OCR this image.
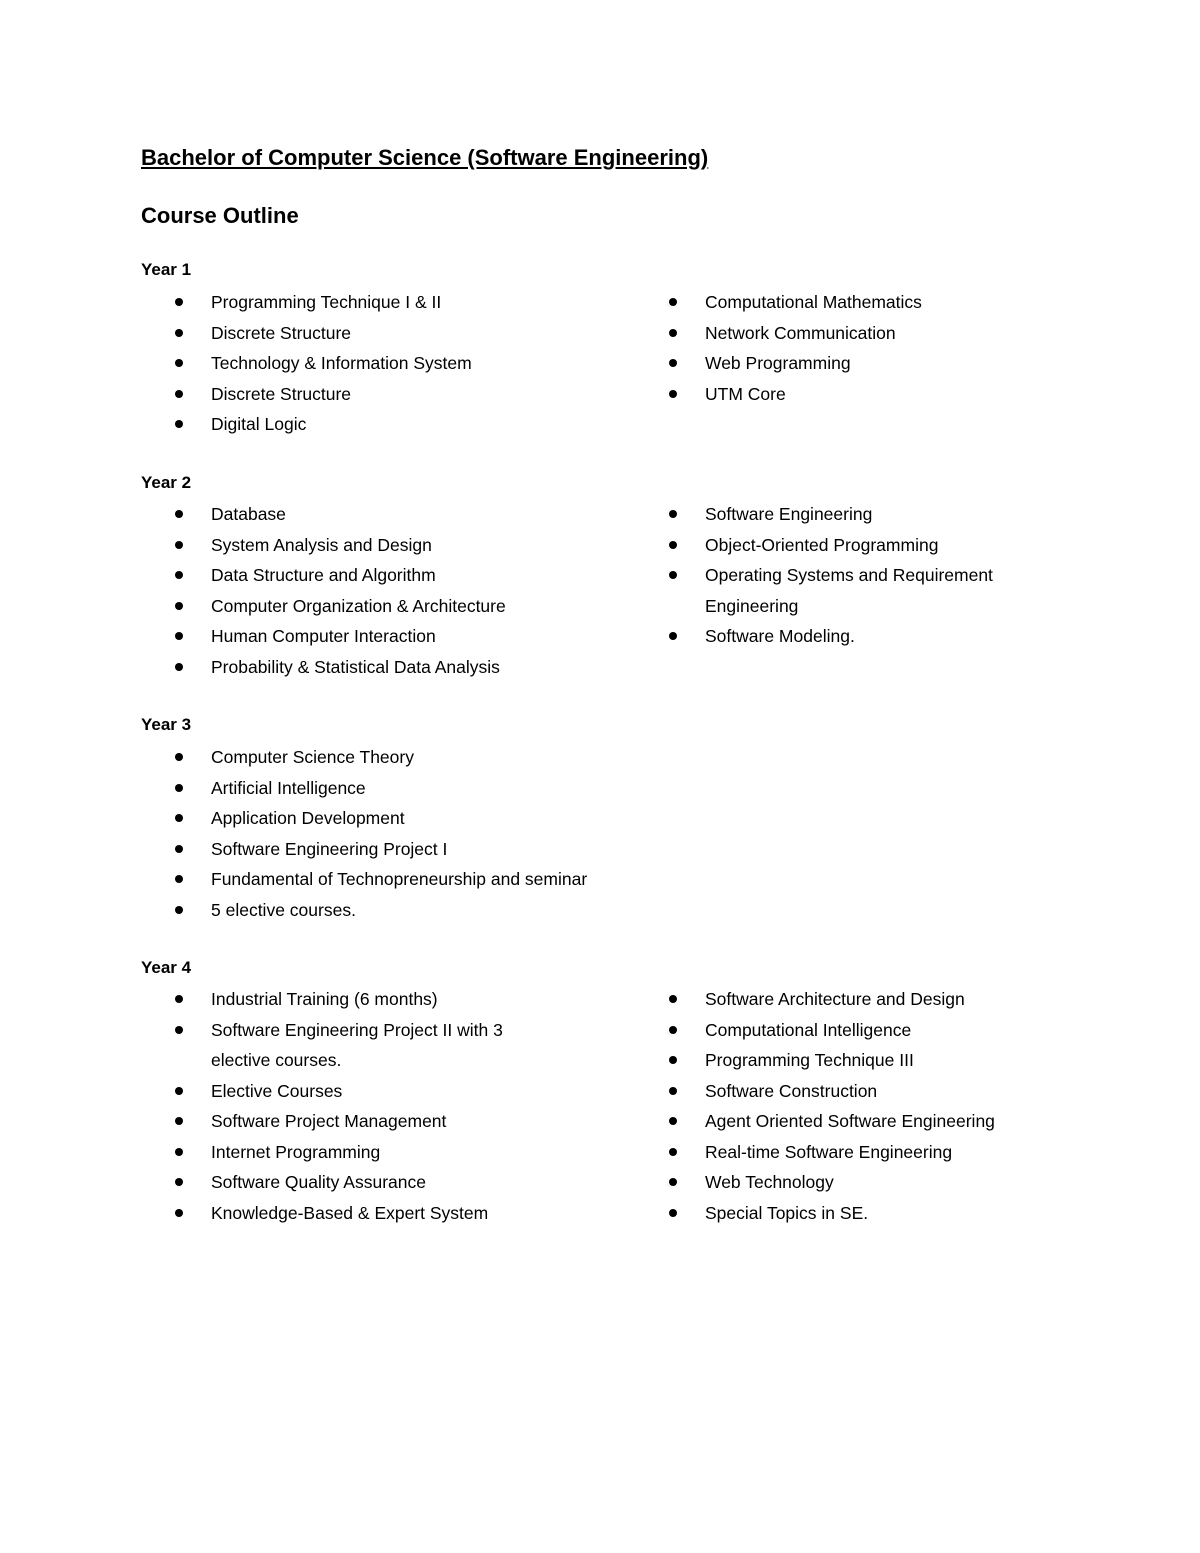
Bachelor of Computer Science (Software Engineering)
Course Outline
Year 1
Programming Technique I & II
Discrete Structure
Technology & Information System
Discrete Structure
Digital Logic
Computational Mathematics
Network Communication
Web Programming
UTM Core
Year 2
Database
System Analysis and Design
Data Structure and Algorithm
Computer Organization & Architecture
Human Computer Interaction
Probability & Statistical Data Analysis
Software Engineering
Object-Oriented Programming
Operating Systems and Requirement Engineering
Software Modeling.
Year 3
Computer Science Theory
Artificial Intelligence
Application Development
Software Engineering Project I
Fundamental of Technopreneurship and seminar
5 elective courses.
Year 4
Industrial Training (6 months)
Software Engineering Project II with 3 elective courses.
Elective Courses
Software Project Management
Internet Programming
Software Quality Assurance
Knowledge-Based & Expert System
Software Architecture and Design
Computational Intelligence
Programming Technique III
Software Construction
Agent Oriented Software Engineering
Real-time Software Engineering
Web Technology
Special Topics in SE.
